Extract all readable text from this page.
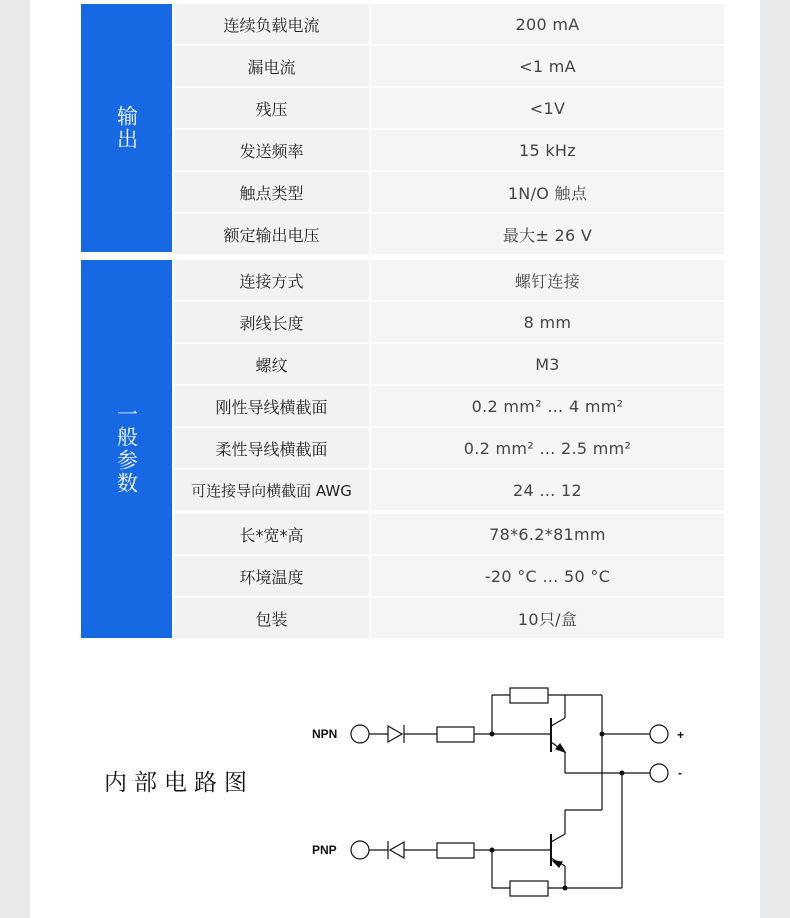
输出
连续负载电流	200 mA
漏电流	<1 mA
残压	<1V
发送频率	15 kHz
触点类型	1N/O 触点
额定输出电压	最大± 26 V
一般参数
连接方式	螺钉连接
剥线长度	8 mm
螺纹	M3
刚性导线横截面	0.2 mm² … 4 mm²
柔性导线横截面	0.2 mm² … 2.5 mm²
可连接导向横截面 AWG	24 … 12
长*宽*高	78*6.2*81mm
环境温度	-20 °C … 50 °C
包装	10只/盒
内部电路图
NPN
PNP
+
-
